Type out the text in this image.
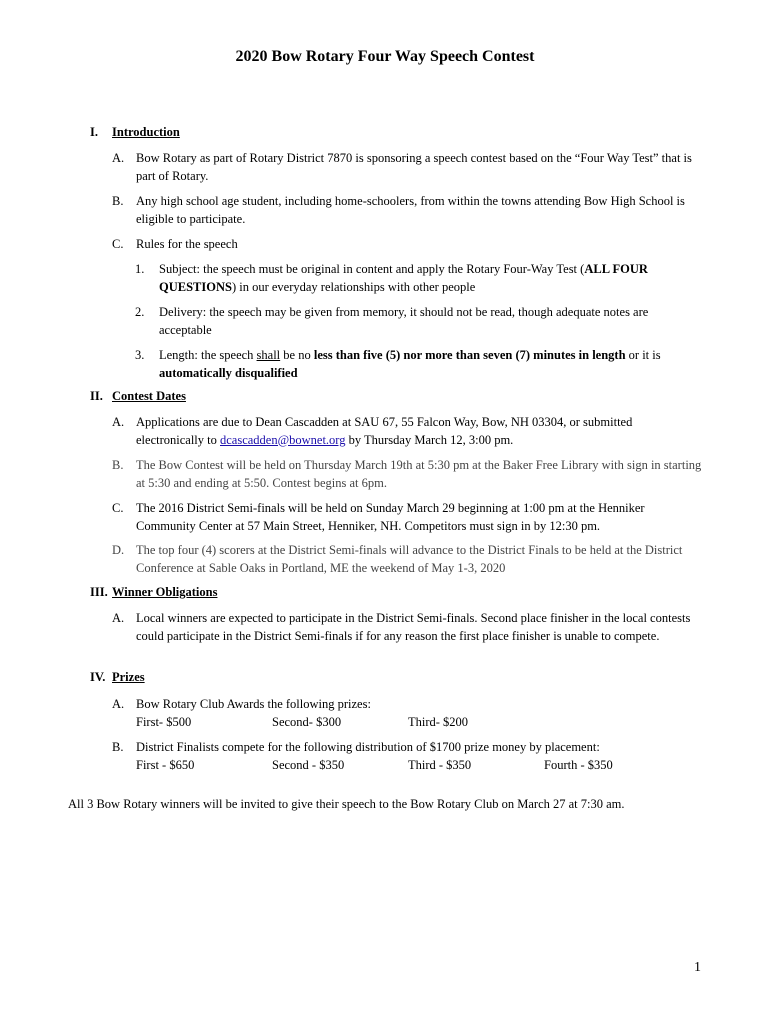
2020 Bow Rotary Four Way Speech Contest
I. Introduction
A. Bow Rotary as part of Rotary District 7870 is sponsoring a speech contest based on the “Four Way Test” that is part of Rotary.
B. Any high school age student, including home-schoolers, from within the towns attending Bow High School is eligible to participate.
C. Rules for the speech
1. Subject: the speech must be original in content and apply the Rotary Four-Way Test (ALL FOUR QUESTIONS) in our everyday relationships with other people
2. Delivery: the speech may be given from memory, it should not be read, though adequate notes are acceptable
3. Length: the speech shall be no less than five (5) nor more than seven (7) minutes in length or it is automatically disqualified
II. Contest Dates
A. Applications are due to Dean Cascadden at SAU 67, 55 Falcon Way, Bow, NH 03304, or submitted electronically to dcascadden@bownet.org by Thursday March 12, 3:00 pm.
B. The Bow Contest will be held on Thursday March 19th at 5:30 pm at the Baker Free Library with sign in starting at 5:30 and ending at 5:50. Contest begins at 6pm.
C. The 2016 District Semi-finals will be held on Sunday March 29 beginning at 1:00 pm at the Henniker Community Center at 57 Main Street, Henniker, NH. Competitors must sign in by 12:30 pm.
D. The top four (4) scorers at the District Semi-finals will advance to the District Finals to be held at the District Conference at Sable Oaks in Portland, ME the weekend of May 1-3, 2020
III. Winner Obligations
A. Local winners are expected to participate in the District Semi-finals. Second place finisher in the local contests could participate in the District Semi-finals if for any reason the first place finisher is unable to compete.
IV. Prizes
A. Bow Rotary Club Awards the following prizes:
First- $500	Second- $300	Third- $200
B. District Finalists compete for the following distribution of $1700 prize money by placement:
First - $650	Second - $350	Third - $350	Fourth - $350
All 3 Bow Rotary winners will be invited to give their speech to the Bow Rotary Club on March 27 at 7:30 am.
1
